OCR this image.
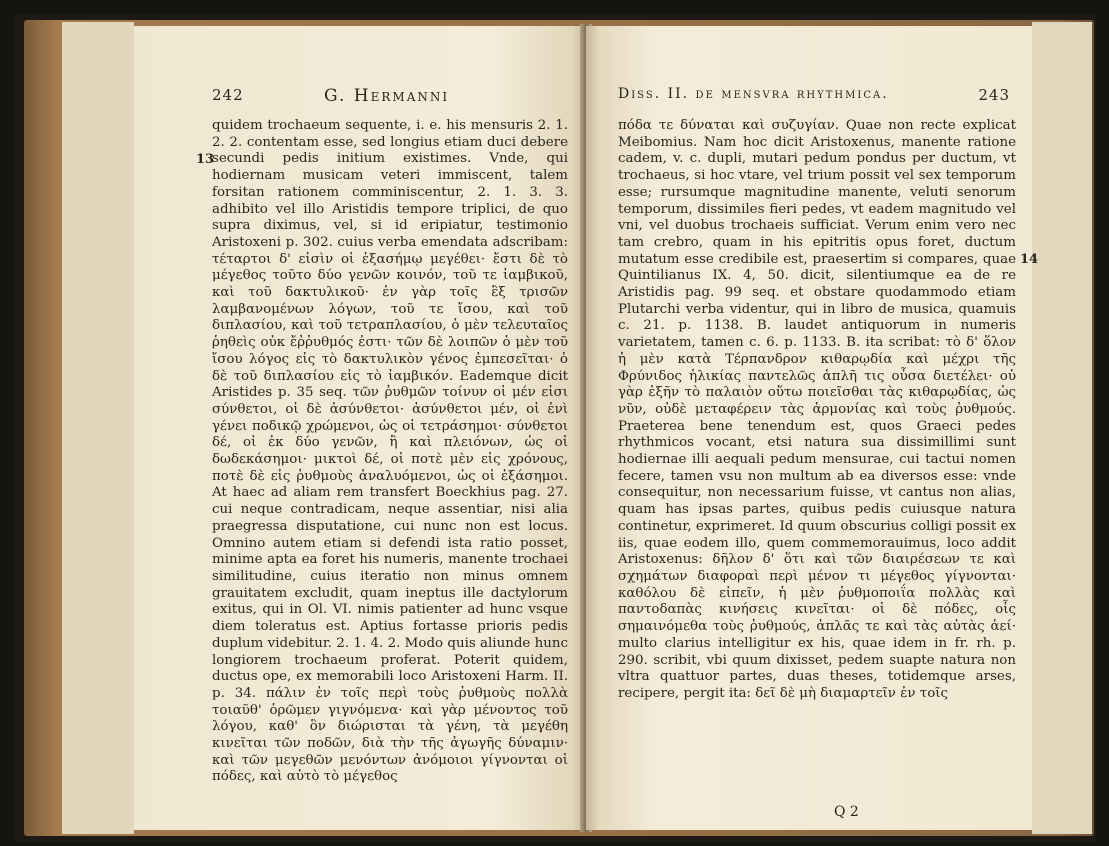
242	G. Hermanni
13
quidem trochaeum sequente, i. e. his mensuris 2. 1. 2. 2. contentam esse, sed longius etiam duci debere secundi pedis initium existimes. Vnde, qui hodiernam musicam veteri immiscent, talem forsitan rationem comminiscentur, 2. 1. 3. 3. adhibito vel illo Aristidis tempore triplici, de quo supra diximus, vel, si id eripiatur, testimonio Aristoxeni p. 302. cuius verba emendata adscribam: τέταρτοι δ' εἰσὶν οἱ ἑξασήμῳ μεγέθει· ἔστι δὲ τὸ μέγεθος τοῦτο δύο γενῶν κοινόν, τοῦ τε ἰαμβικοῦ, καὶ τοῦ δακτυλικοῦ· ἐν γὰρ τοῖς ἓξ τρισῶν λαμβανομένων λόγων, τοῦ τε ἴσου, καὶ τοῦ διπλασίου, καὶ τοῦ τετραπλασίου, ὁ μὲν τελευταῖος ῥηθεὶς οὐκ ἔῤῥυθμός ἐστι· τῶν δὲ λοιπῶν ὁ μὲν τοῦ ἴσου λόγος εἰς τὸ δακτυλικὸν γένος ἐμπεσεῖται· ὁ δὲ τοῦ διπλασίου εἰς τὸ ἰαμβικόν. Eademque dicit Aristides p. 35 seq. τῶν ῥυθμῶν τοίνυν οἱ μέν εἰσι σύνθετοι, οἱ δὲ ἀσύνθετοι· ἀσύνθετοι μέν, οἱ ἑνὶ γένει ποδικῷ χρώμενοι, ὡς οἱ τετράσημοι· σύνθετοι δέ, οἱ ἐκ δύο γενῶν, ἢ καὶ πλειόνων, ὡς οἱ δωδεκάσημοι· μικτοὶ δέ, οἱ ποτὲ μὲν εἰς χρόνους, ποτὲ δὲ εἰς ῥυθμοὺς ἀναλυόμενοι, ὡς οἱ ἑξάσημοι. At haec ad aliam rem transfert Boeckhius pag. 27. cui neque contradicam, neque assentiar, nisi alia praegressa disputatione, cui nunc non est locus. Omnino autem etiam si defendi ista ratio posset, minime apta ea foret his numeris, manente trochaei similitudine, cuius iteratio non minus omnem grauitatem excludit, quam ineptus ille dactylorum exitus, qui in Ol. VI. nimis patienter ad hunc vsque diem toleratus est. Aptius fortasse prioris pedis duplum videbitur. 2. 1. 4. 2. Modo quis aliunde hunc longiorem trochaeum proferat. Poterit quidem, ductus ope, ex memorabili loco Aristoxeni Harm. II. p. 34. πάλιν ἐν τοῖς περὶ τοὺς ῥυθμοὺς πολλὰ τοιαῦθ' ὁρῶμεν γιγνόμενα· καὶ γὰρ μένοντος τοῦ λόγου, καθ' ὃν διώρισται τὰ γένη, τὰ μεγέθη κινεῖται τῶν ποδῶν, διὰ τὴν τῆς ἀγωγῆς δύναμιν· καὶ τῶν μεγεθῶν μενόντων ἀνόμοιοι γίγνονται οἱ πόδες, καὶ αὐτὸ τὸ μέγεθος
Diss. II. de mensvra rhythmica.	243
14
πόδα τε δύναται καὶ συζυγίαν. Quae non recte explicat Meibomius. Nam hoc dicit Aristoxenus, manente ratione cadem, v. c. dupli, mutari pedum pondus per ductum, vt trochaeus, si hoc vtare, vel trium possit vel sex temporum esse; rursumque magnitudine manente, veluti senorum temporum, dissimiles fieri pedes, vt eadem magnitudo vel vni, vel duobus trochaeis sufficiat. Verum enim vero nec tam crebro, quam in his epitritis opus foret, ductum mutatum esse credibile est, praesertim si compares, quae Quintilianus IX. 4, 50. dicit, silentiumque ea de re Aristidis pag. 99 seq. et obstare quodammodo etiam Plutarchi verba videntur, qui in libro de musica, quamuis c. 21. p. 1138. B. laudet antiquorum in numeris varietatem, tamen c. 6. p. 1133. B. ita scribat: τὸ δ' ὅλον ἡ μὲν κατὰ Τέρπανδρον κιθαρῳδία καὶ μέχρι τῆς Φρύνιδος ἡλικίας παντελῶς ἁπλῆ τις οὖσα διετέλει· οὐ γὰρ ἐξῆν τὸ παλαιὸν οὕτω ποιεῖσθαι τὰς κιθαρῳδίας, ὡς νῦν, οὐδὲ μεταφέρειν τὰς ἁρμονίας καὶ τοὺς ῥυθμούς. Praeterea bene tenendum est, quos Graeci pedes rhythmicos vocant, etsi natura sua dissimillimi sunt hodiernae illi aequali pedum mensurae, cui tactui nomen fecere, tamen vsu non multum ab ea diversos esse: vnde consequitur, non necessarium fuisse, vt cantus non alias, quam has ipsas partes, quibus pedis cuiusque natura continetur, exprimeret. Id quum obscurius colligi possit ex iis, quae eodem illo, quem commemorauimus, loco addit Aristoxenus: δῆλον δ' ὅτι καὶ τῶν διαιρέσεων τε καὶ σχημάτων διαφοραὶ περὶ μένον τι μέγεθος γίγνονται· καθόλου δὲ εἰπεῖν, ἡ μὲν ῥυθμοποιΐα πολλὰς καὶ παντοδαπὰς κινήσεις κινεῖται· οἱ δὲ πόδες, οἷς σημαινόμεθα τοὺς ῥυθμούς, ἁπλᾶς τε καὶ τὰς αὐτὰς ἀεί· multo clarius intelligitur ex his, quae idem in fr. rh. p. 290. scribit, vbi quum dixisset, pedem suapte natura non vltra quattuor partes, duas theses, totidemque arses, recipere, pergit ita: δεῖ δὲ μὴ διαμαρτεῖν ἐν τοῖς
Q 2
